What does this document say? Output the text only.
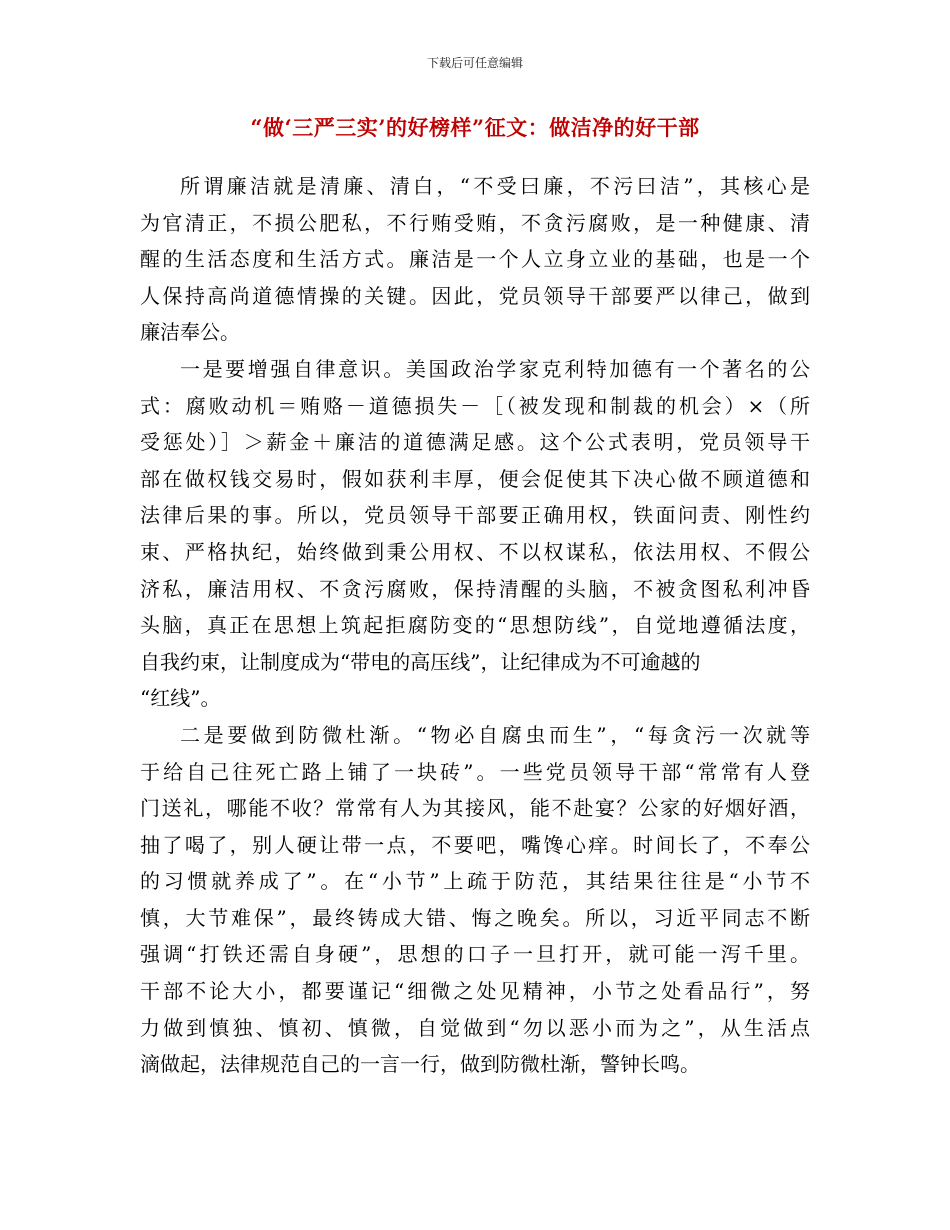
下载后可任意编辑
“做‘三严三实’的好榜样”征文：做洁净的好干部

所谓廉洁就是清廉、清白，“不受曰廉，不污曰洁”，其核心是
为官清正，不损公肥私，不行贿受贿，不贪污腐败，是一种健康、清
醒的生活态度和生活方式。廉洁是一个人立身立业的基础，也是一个
人保持高尚道德情操的关键。因此，党员领导干部要严以律己，做到
廉洁奉公。

一是要增强自律意识。美国政治学家克利特加德有一个著名的公
式：腐败动机＝贿赂－道德损失－［（被发现和制裁的机会）×（所
受惩处）］＞薪金＋廉洁的道德满足感。这个公式表明，党员领导干
部在做权钱交易时，假如获利丰厚，便会促使其下决心做不顾道德和
法律后果的事。所以，党员领导干部要正确用权，铁面问责、刚性约
束、严格执纪，始终做到秉公用权、不以权谋私，依法用权、不假公
济私，廉洁用权、不贪污腐败，保持清醒的头脑，不被贪图私利冲昏
头脑，真正在思想上筑起拒腐防变的“思想防线”，自觉地遵循法度，
自我约束，让制度成为“带电的高压线”，让纪律成为不可逾越的
“红线”。

二是要做到防微杜渐。“物必自腐虫而生”，“每贪污一次就等
于给自己往死亡路上铺了一块砖”。一些党员领导干部“常常有人登
门送礼，哪能不收？常常有人为其接风，能不赴宴？公家的好烟好酒，
抽了喝了，别人硬让带一点，不要吧，嘴馋心痒。时间长了，不奉公
的习惯就养成了”。在“小节”上疏于防范，其结果往往是“小节不
慎，大节难保”，最终铸成大错、悔之晚矣。所以，习近平同志不断
强调“打铁还需自身硬”，思想的口子一旦打开，就可能一泻千里。
干部不论大小，都要谨记“细微之处见精神，小节之处看品行”，努
力做到慎独、慎初、慎微，自觉做到“勿以恶小而为之”，从生活点
滴做起，法律规范自己的一言一行，做到防微杜渐，警钟长鸣。
